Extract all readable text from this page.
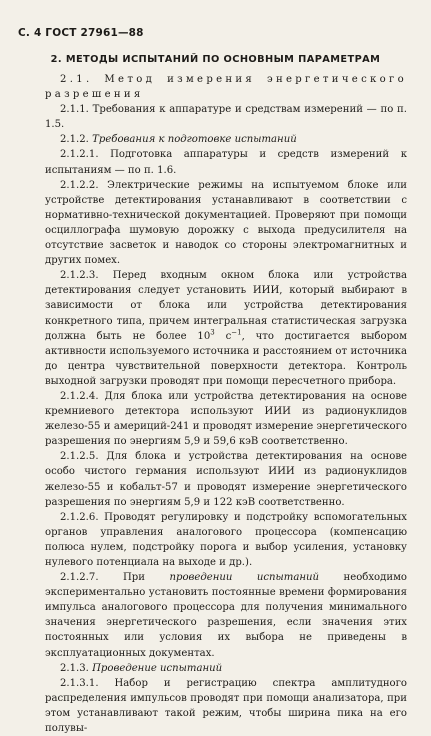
С. 4 ГОСТ 27961—88
2. МЕТОДЫ ИСПЫТАНИЙ ПО ОСНОВНЫМ ПАРАМЕТРАМ

2.1. Метод измерения энергетического разрешения

2.1.1. Требования к аппаратуре и средствам измерений — по п. 1.5.

2.1.2. Требования к подготовке испытаний

2.1.2.1. Подготовка аппаратуры и средств измерений к испытаниям — по п. 1.6.

2.1.2.2. Электрические режимы на испытуемом блоке или устройстве детектирования устанавливают в соответствии с нормативно-технической документацией. Проверяют при помощи осциллографа шумовую дорожку с выхода предусилителя на отсутствие засветок и наводок со стороны электромагнитных и других помех.

2.1.2.3. Перед входным окном блока или устройства детектирования следует установить ИИИ, который выбирают в зависимости от блока или устройства детектирования конкретного типа, причем интегральная статистическая загрузка должна быть не более $10^3$ $с^{-1}$, что достигается выбором активности используемого источника и расстоянием от источника до центра чувствительной поверхности детектора. Контроль выходной загрузки проводят при помощи пересчетного прибора.

2.1.2.4. Для блока или устройства детектирования на основе кремниевого детектора используют ИИИ из радионуклидов железо-55 и америций-241 и проводят измерение энергетического разрешения по энергиям 5,9 и 59,6 кэВ соответственно.

2.1.2.5. Для блока и устройства детектирования на основе особо чистого германия используют ИИИ из радионуклидов железо-55 и кобальт-57 и проводят измерение энергетического разрешения по энергиям 5,9 и 122 кэВ соответственно.

2.1.2.6. Проводят регулировку и подстройку вспомогательных органов управления аналогового процессора (компенсацию полюса нулем, подстройку порога и выбор усиления, установку нулевого потенциала на выходе и др.).

2.1.2.7. При проведении испытаний необходимо экспериментально установить постоянные времени формирования импульса аналогового процессора для получения минимального значения энергетического разрешения, если значения этих постоянных или условия их выбора не приведены в эксплуатационных документах.

2.1.3. Проведение испытаний

2.1.3.1. Набор и регистрацию спектра амплитудного распределения импульсов проводят при помощи анализатора, при этом устанавливают такой режим, чтобы ширина пика на его полувы-
